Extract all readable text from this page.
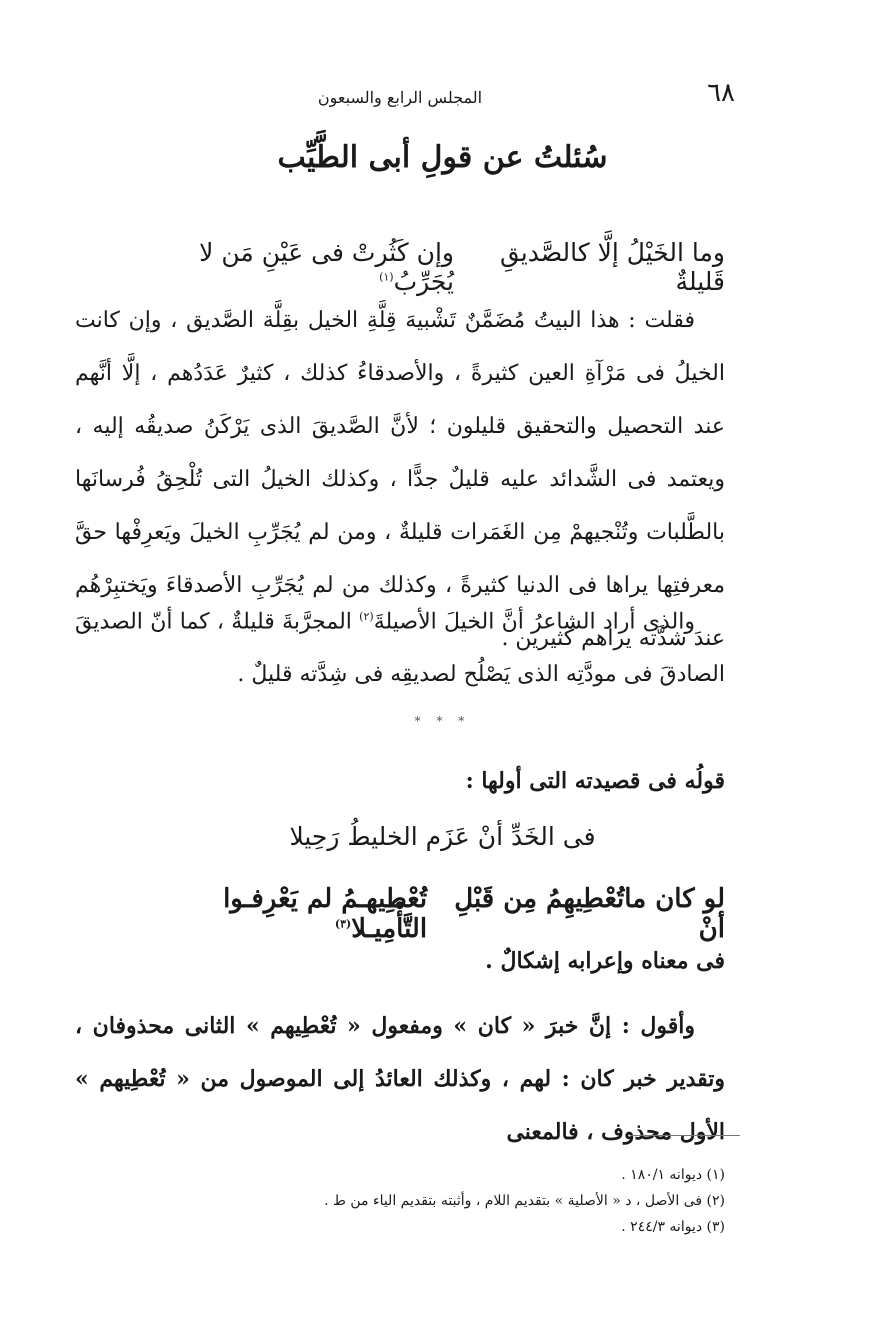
٦٨
المجلس الرابع والسبعون
سُئلتُ عن قولِ أبى الطَّيِّب
وما الخَيْلُ إلَّا كالصَّديقِ قَليلةٌ
وإن كَثُرتْ فى عَيْنِ مَن لا يُجَرِّبُ$^{(١)}$
فقلت : هذا البيتُ مُضَمَّنٌ تَشْبيهَ قِلَّةِ الخيل بقِلَّة الصَّديق ، وإن كانت الخيلُ فى مَرْآةِ العين كثيرةً ، والأصدقاءُ كذلك ، كثيرٌ عَدَدُهم ، إلَّا أنَّهم عند التحصيل والتحقيق قليلون ؛ لأنَّ الصَّديقَ الذى يَرْكَنُ صديقُه إليه ، ويعتمد فى الشَّدائد عليه قليلٌ جدًّا ، وكذلك الخيلُ التى تُلْحِقُ فُرسانَها بالطَّلبات وتُنْجيهمْ مِن الغَمَرات قليلةٌ ، ومن لم يُجَرِّبِ الخيلَ ويَعرِفْها حقَّ معرفتِها يراها فى الدنيا كثيرةً ، وكذلك من لم يُجَرِّبِ الأصدقاءَ ويَختبِرْهُم عندَ شدَّته يراهم كثيرين .
والذى أراد الشاعرُ أنَّ الخيلَ الأصيلةَ$^{(٢)}$ المجرَّبةَ قليلةٌ ، كما أنّ الصديقَ الصادقَ فى مودَّتِه الذى يَصْلُح لصديقِه فى شِدَّته قليلٌ .
* * *
قولُه فى قصيدته التى أولها :
فى الخَدِّ أنْ عَزَم الخليطُ رَحِيلا
لو كان ماتُعْطِيهِمُ مِن قَبْلِ أنْ
تُعْطِيهـمُ لم يَعْرِفـوا التَّأْمِيـلا$^{(٣)}$
فى معناه وإعرابه إشكالٌ .
وأقول : إنَّ خبرَ « كان » ومفعول « تُعْطِيهم » الثانى محذوفان ، وتقدير خبر كان : لهم ، وكذلك العائدُ إلى الموصول من « تُعْطِيهم » الأول محذوف ، فالمعنى
(١) ديوانه ١٨٠/١ .
(٢) فى الأصل ، د « الأصلية » بتقديم اللام ، وأثبته بتقديم الياء من ط .
(٣) ديوانه ٢٤٤/٣ .
